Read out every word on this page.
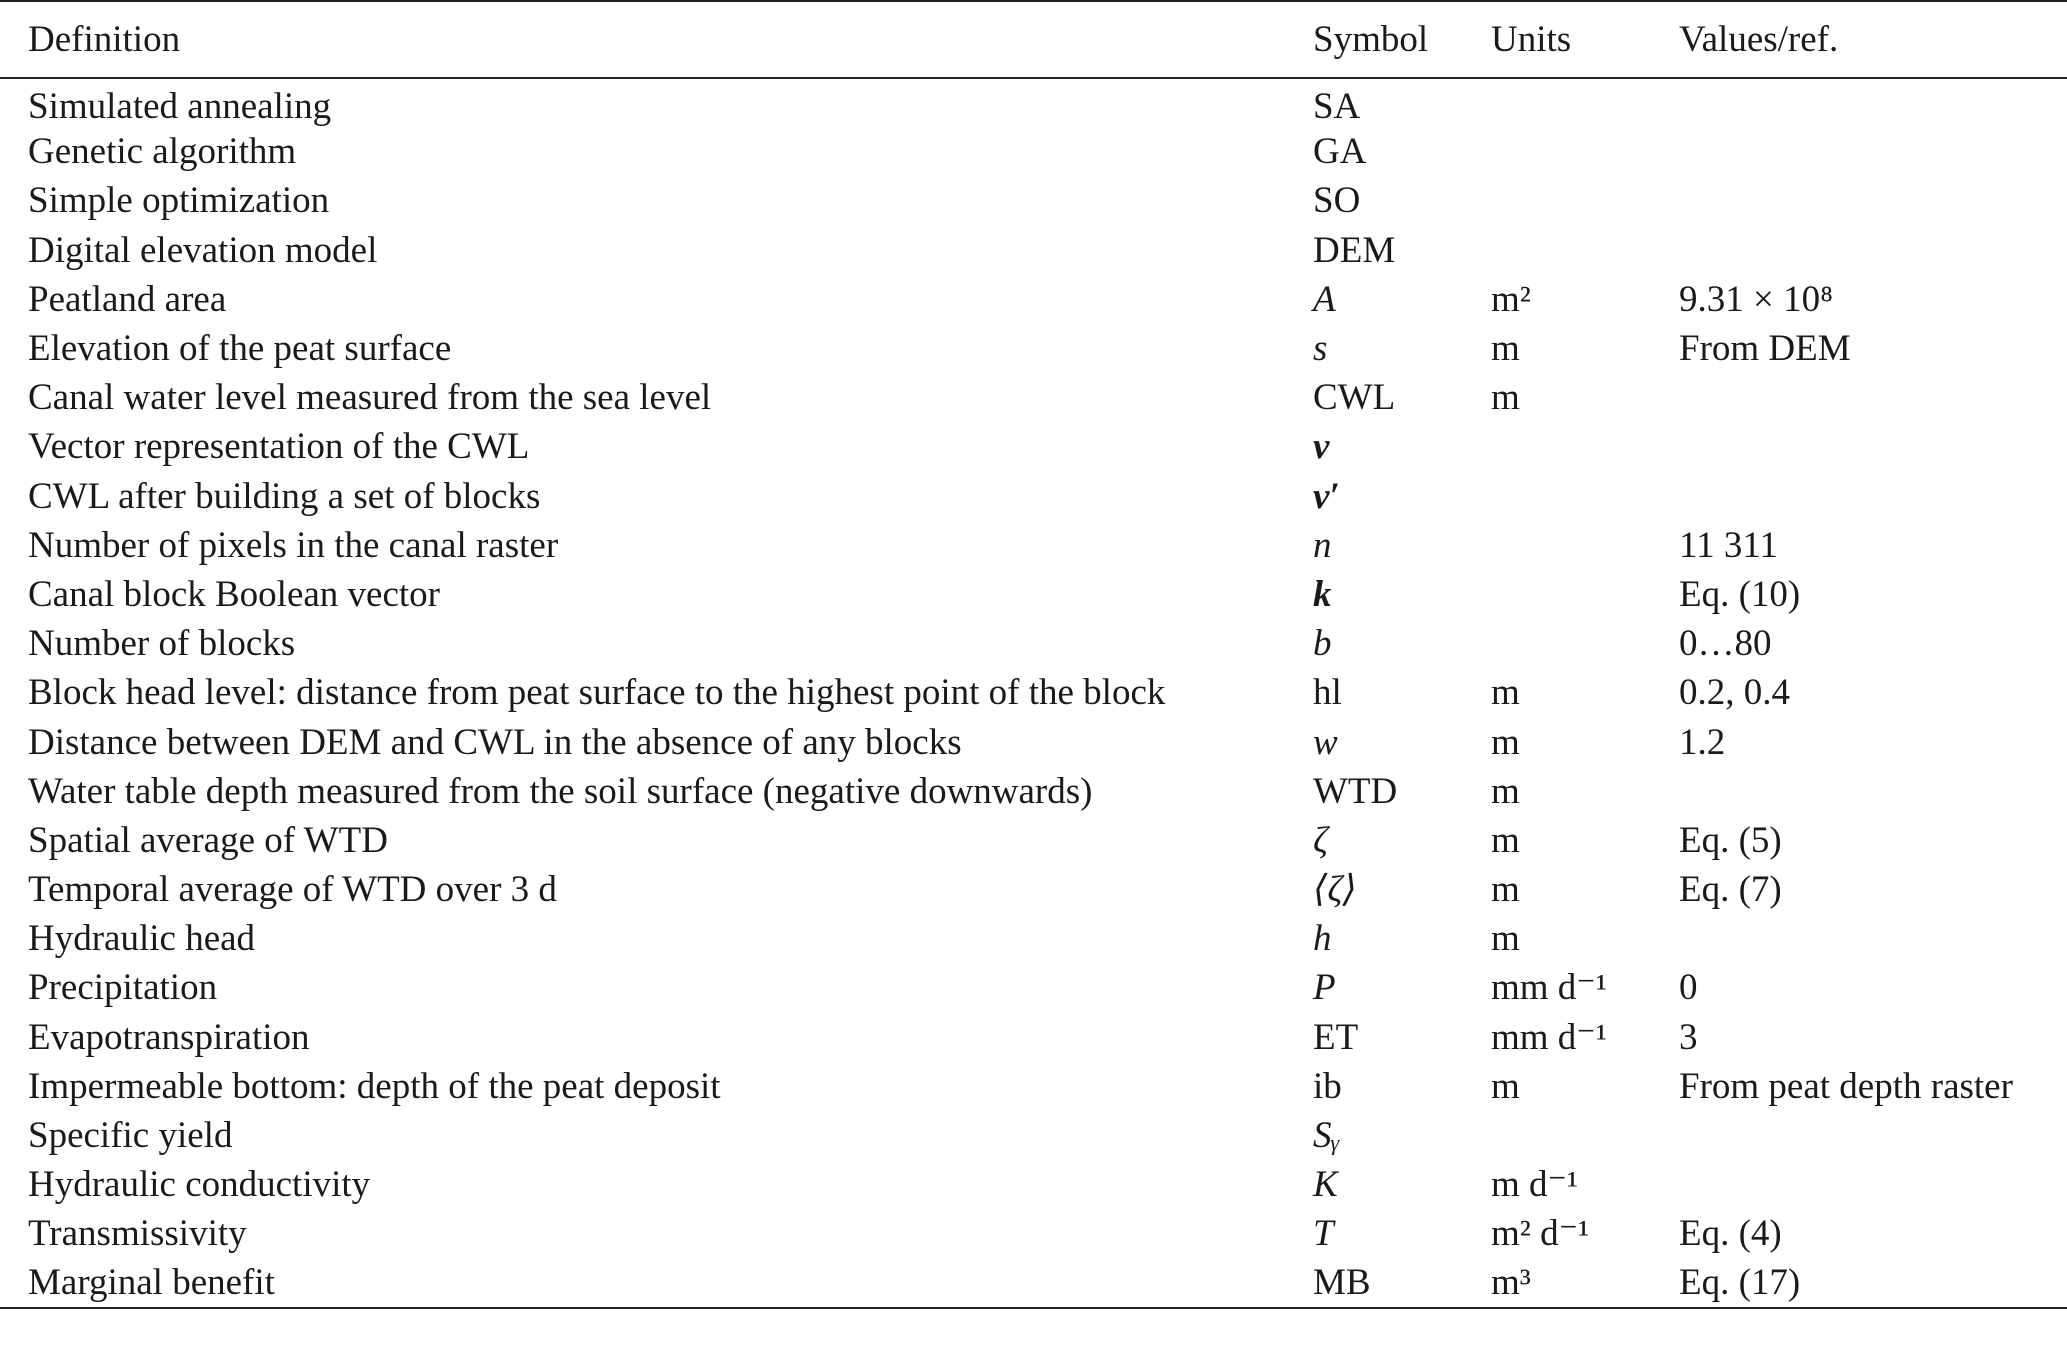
Definition	Symbol	Units	Values/ref.
Simulated annealing	SA		
Genetic algorithm	GA		
Simple optimization	SO		
Digital elevation model	DEM		
Peatland area	A	m²	9.31 × 10⁸
Elevation of the peat surface	s	m	From DEM
Canal water level measured from the sea level	CWL	m	
Vector representation of the CWL	v		
CWL after building a set of blocks	v′		
Number of pixels in the canal raster	n		11 311
Canal block Boolean vector	k		Eq. (10)
Number of blocks	b		0…80
Block head level: distance from peat surface to the highest point of the block	hl	m	0.2, 0.4
Distance between DEM and CWL in the absence of any blocks	w	m	1.2
Water table depth measured from the soil surface (negative downwards)	WTD	m	
Spatial average of WTD	ζ	m	Eq. (5)
Temporal average of WTD over 3 d	⟨ζ⟩	m	Eq. (7)
Hydraulic head	h	m	
Precipitation	P	mm d⁻¹	0
Evapotranspiration	ET	mm d⁻¹	3
Impermeable bottom: depth of the peat deposit	ib	m	From peat depth raster
Specific yield	Sᵧ		
Hydraulic conductivity	K	m d⁻¹	
Transmissivity	T	m² d⁻¹	Eq. (4)
Marginal benefit	MB	m³	Eq. (17)
